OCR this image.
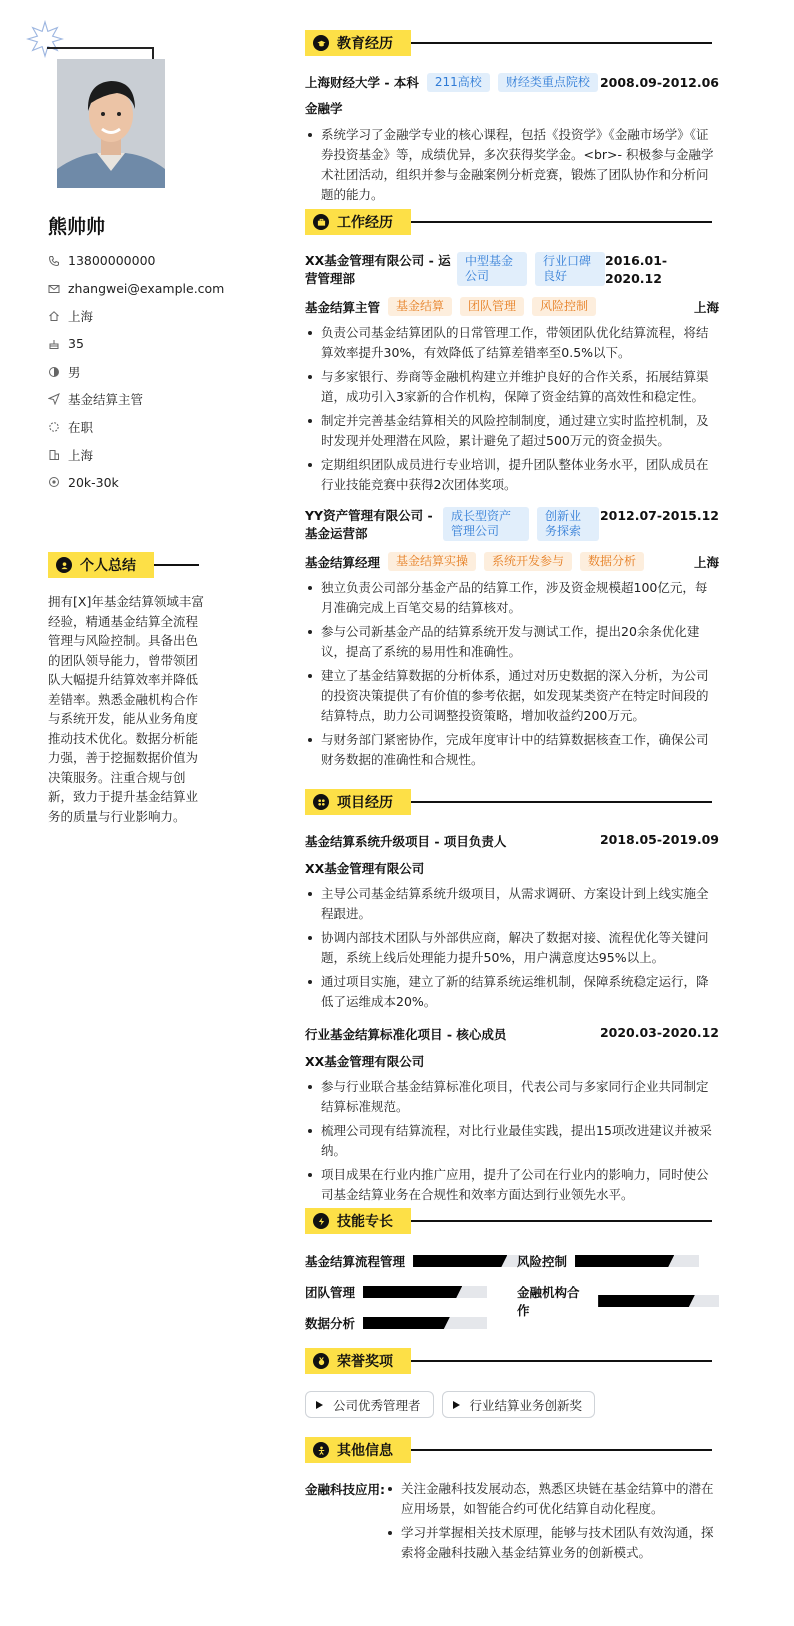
熊帅帅
13800000000
zhangwei@example.com
上海
35
男
基金结算主管
在职
上海
20k-30k
个人总结
拥有[X]年基金结算领域丰富经验，精通基金结算全流程管理与风险控制。具备出色的团队领导能力，曾带领团队大幅提升结算效率并降低差错率。熟悉金融机构合作与系统开发，能从业务角度推动技术优化。数据分析能力强，善于挖掘数据价值为决策服务。注重合规与创新，致力于提升基金结算业务的质量与行业影响力。
教育经历
上海财经大学 - 本科	211高校	财经类重点院校 2008.09-2012.06
金融学
系统学习了金融学专业的核心课程，包括《投资学》《金融市场学》《证券投资基金》等，成绩优异，多次获得奖学金。<br>- 积极参与金融学术社团活动，组织并参与金融案例分析竞赛，锻炼了团队协作和分析问题的能力。
工作经历
XX基金管理有限公司 - 运营管理部
中型基金公司
行业口碑良好
2016.01-2020.12
基金结算主管	基金结算	团队管理	风险控制	上海
负责公司基金结算团队的日常管理工作，带领团队优化结算流程，将结算效率提升30%，有效降低了结算差错率至0.5%以下。
与多家银行、券商等金融机构建立并维护良好的合作关系，拓展结算渠道，成功引入3家新的合作机构，保障了资金结算的高效性和稳定性。
制定并完善基金结算相关的风险控制制度，通过建立实时监控机制，及时发现并处理潜在风险，累计避免了超过500万元的资金损失。
定期组织团队成员进行专业培训，提升团队整体业务水平，团队成员在行业技能竞赛中获得2次团体奖项。
YY资产管理有限公司 - 基金运营部
成长型资产管理公司
创新业务探索
2012.07-2015.12
基金结算经理	基金结算实操	系统开发参与	数据分析	上海
独立负责公司部分基金产品的结算工作，涉及资金规模超100亿元，每月准确完成上百笔交易的结算核对。
参与公司新基金产品的结算系统开发与测试工作，提出20余条优化建议，提高了系统的易用性和准确性。
建立了基金结算数据的分析体系，通过对历史数据的深入分析，为公司的投资决策提供了有价值的参考依据，如发现某类资产在特定时间段的结算特点，助力公司调整投资策略，增加收益约200万元。
与财务部门紧密协作，完成年度审计中的结算数据核查工作，确保公司财务数据的准确性和合规性。
项目经历
基金结算系统升级项目 - 项目负责人	2018.05-2019.09
XX基金管理有限公司
主导公司基金结算系统升级项目，从需求调研、方案设计到上线实施全程跟进。
协调内部技术团队与外部供应商，解决了数据对接、流程优化等关键问题，系统上线后处理能力提升50%，用户满意度达95%以上。
通过项目实施，建立了新的结算系统运维机制，保障系统稳定运行，降低了运维成本20%。
行业基金结算标准化项目 - 核心成员	2020.03-2020.12
XX基金管理有限公司
参与行业联合基金结算标准化项目，代表公司与多家同行企业共同制定结算标准规范。
梳理公司现有结算流程，对比行业最佳实践，提出15项改进建议并被采纳。
项目成果在行业内推广应用，提升了公司在行业内的影响力，同时使公司基金结算业务在合规性和效率方面达到行业领先水平。
技能专长
基金结算流程管理	风险控制
团队管理	金融机构合作
数据分析
荣誉奖项
公司优秀管理者	行业结算业务创新奖
其他信息
金融科技应用:	关注金融科技发展动态，熟悉区块链在基金结算中的潜在应用场景，如智能合约可优化结算自动化程度。
学习并掌握相关技术原理，能够与技术团队有效沟通，探索将金融科技融入基金结算业务的创新模式。
